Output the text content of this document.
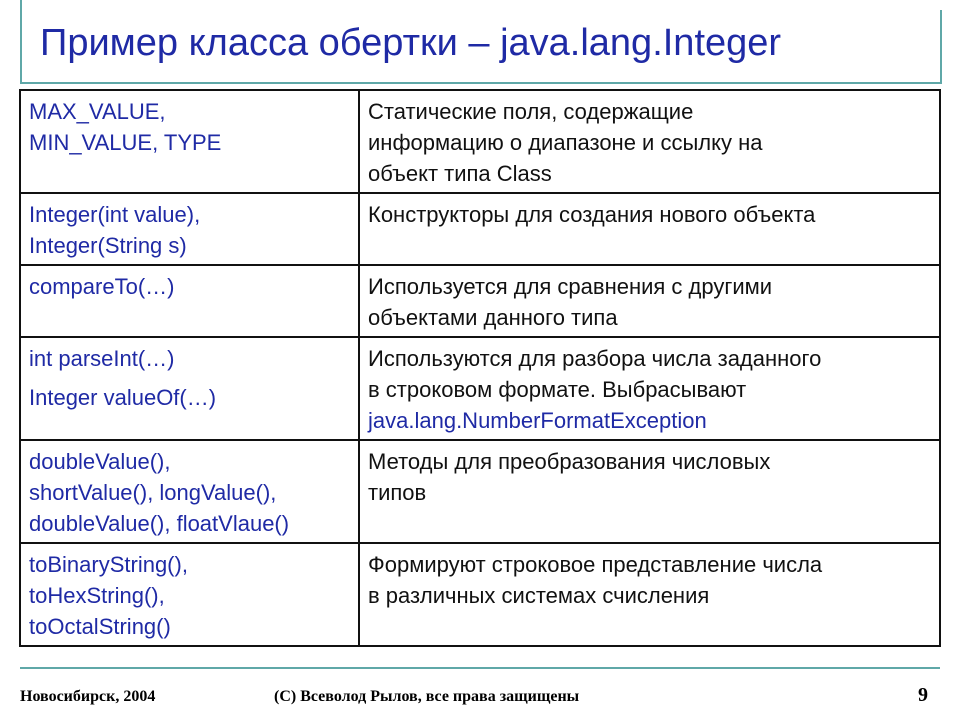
Пример класса обертки – java.lang.Integer
MAX_VALUE,
MIN_VALUE, TYPE	Статические поля, содержащие
информацию о диапазоне и ссылку на
объект типа Class

Integer(int value),
Integer(String s)	Конструкторы для создания нового объекта

compareTo(…)	Используется для сравнения с другими
объектами данного типа

int parseInt(…)
Integer valueOf(…)	Используются для разбора числа заданного
в строковом формате. Выбрасывают
java.lang.NumberFormatException

doubleValue(),
shortValue(), longValue(),
doubleValue(), floatVlaue()	Методы для преобразования числовых
типов

toBinaryString(),
toHexString(),
toOctalString()	Формируют строковое представление числа
в различных системах счисления
Новосибирск, 2004	(C) Всеволод Рылов, все права защищены	9
